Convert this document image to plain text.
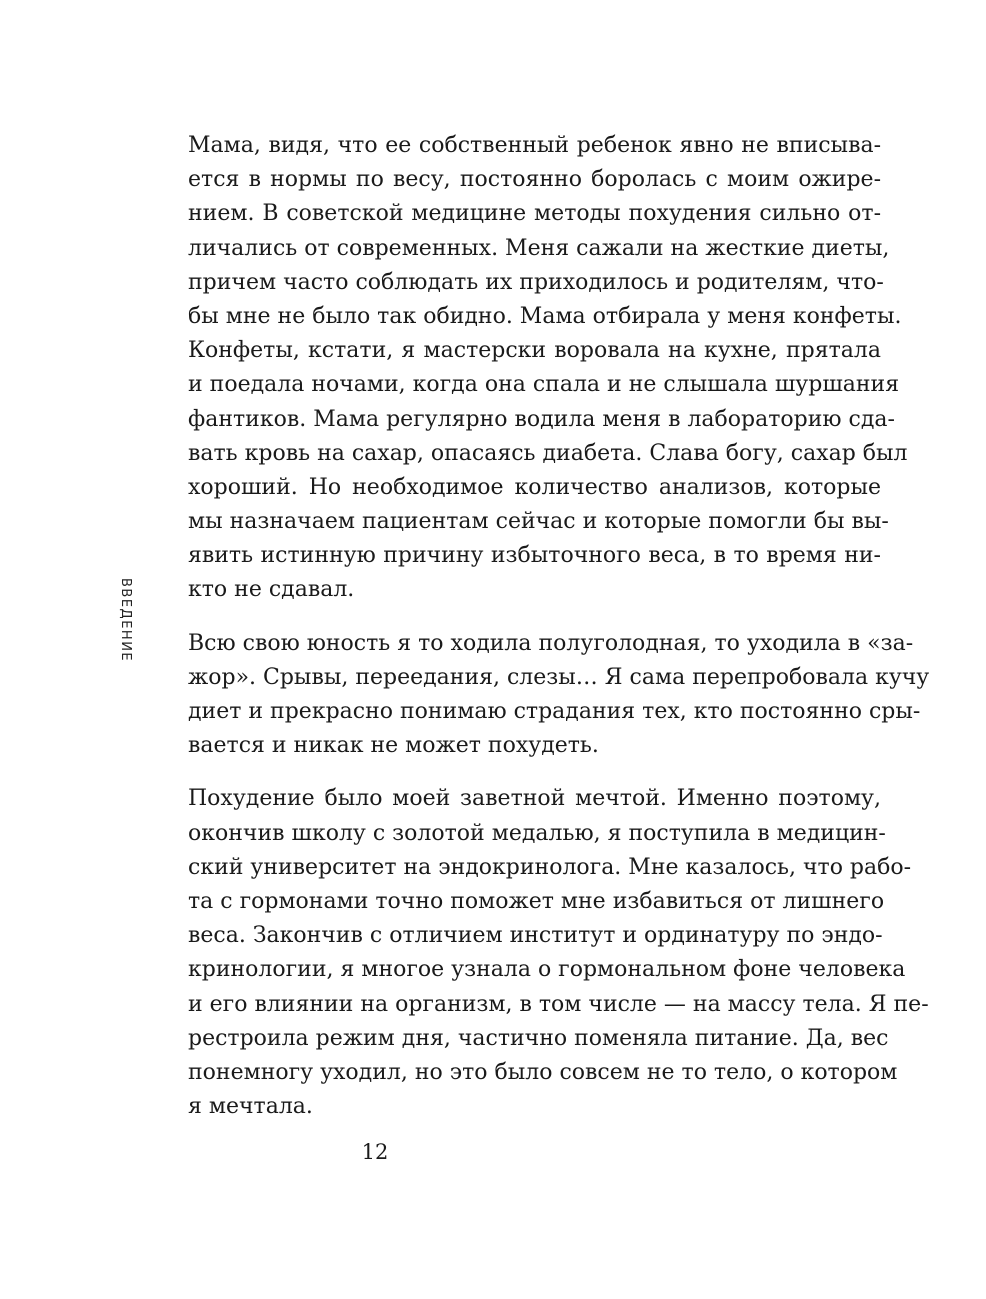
ВВЕДЕНИЕ
Мама, видя, что ее собственный ребенок явно не вписыва-
ется в нормы по весу, постоянно боролась с моим ожире-
нием. В советской медицине методы похудения сильно от-
личались от современных. Меня сажали на жесткие диеты,
причем часто соблюдать их приходилось и родителям, что-
бы мне не было так обидно. Мама отбирала у меня конфеты.
Конфеты, кстати, я мастерски воровала на кухне, прятала
и поедала ночами, когда она спала и не слышала шуршания
фантиков. Мама регулярно водила меня в лабораторию сда-
вать кровь на сахар, опасаясь диабета. Слава богу, сахар был
хороший. Но необходимое количество анализов, которые
мы назначаем пациентам сейчас и которые помогли бы вы-
явить истинную причину избыточного веса, в то время ни-
кто не сдавал.
Всю свою юность я то ходила полуголодная, то уходила в «за-
жор». Срывы, переедания, слезы… Я сама перепробовала кучу
диет и прекрасно понимаю страдания тех, кто постоянно сры-
вается и никак не может похудеть.
Похудение было моей заветной мечтой. Именно поэтому,
окончив школу с золотой медалью, я поступила в медицин-
ский университет на эндокринолога. Мне казалось, что рабо-
та с гормонами точно поможет мне избавиться от лишнего
веса. Закончив с отличием институт и ординатуру по эндо-
кринологии, я многое узнала о гормональном фоне человека
и его влиянии на организм, в том числе — на массу тела. Я пе-
рестроила режим дня, частично поменяла питание. Да, вес
понемногу уходил, но это было совсем не то тело, о котором
я мечтала.
12
